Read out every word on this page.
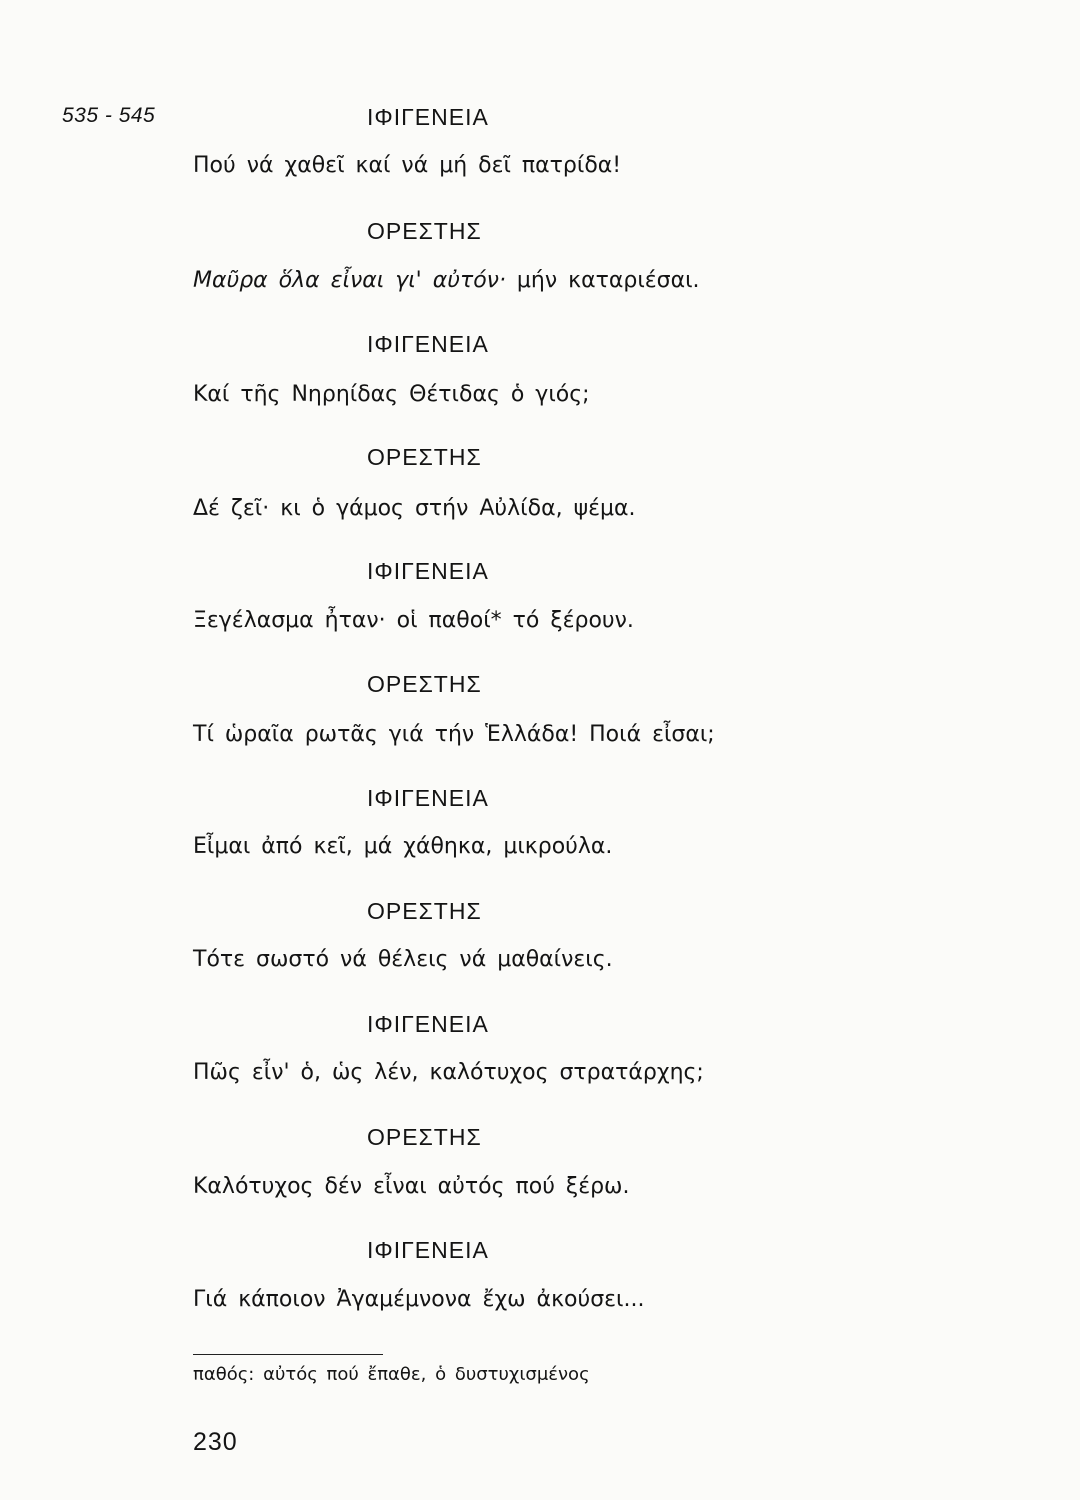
535 - 545	ΙΦΙΓΕΝΕΙΑ
Πού νά χαθεῖ καί νά μή δεῖ πατρίδα!
ΟΡΕΣΤΗΣ
Μαῦρα ὅλα εἶναι γι' αὐτόν· μήν καταριέσαι.
ΙΦΙΓΕΝΕΙΑ
Καί τῆς Νηρηίδας Θέτιδας ὁ γιός;
ΟΡΕΣΤΗΣ
Δέ ζεῖ· κι ὁ γάμος στήν Αὐλίδα, ψέμα.
ΙΦΙΓΕΝΕΙΑ
Ξεγέλασμα ἦταν· οἱ παθοί* τό ξέρουν.
ΟΡΕΣΤΗΣ
Τί ὡραῖα ρωτᾶς γιά τήν Ἑλλάδα! Ποιά εἶσαι;
ΙΦΙΓΕΝΕΙΑ
Εἶμαι ἀπό κεῖ, μά χάθηκα, μικρούλα.
ΟΡΕΣΤΗΣ
Τότε σωστό νά θέλεις νά μαθαίνεις.
ΙΦΙΓΕΝΕΙΑ
Πῶς εἶν' ὁ, ὡς λέν, καλότυχος στρατάρχης;
ΟΡΕΣΤΗΣ
Καλότυχος δέν εἶναι αὐτός πού ξέρω.
ΙΦΙΓΕΝΕΙΑ
Γιά κάποιον Ἀγαμέμνονα ἔχω ἀκούσει...
παθός: αὐτός πού ἔπαθε, ὁ δυστυχισμένος
230
